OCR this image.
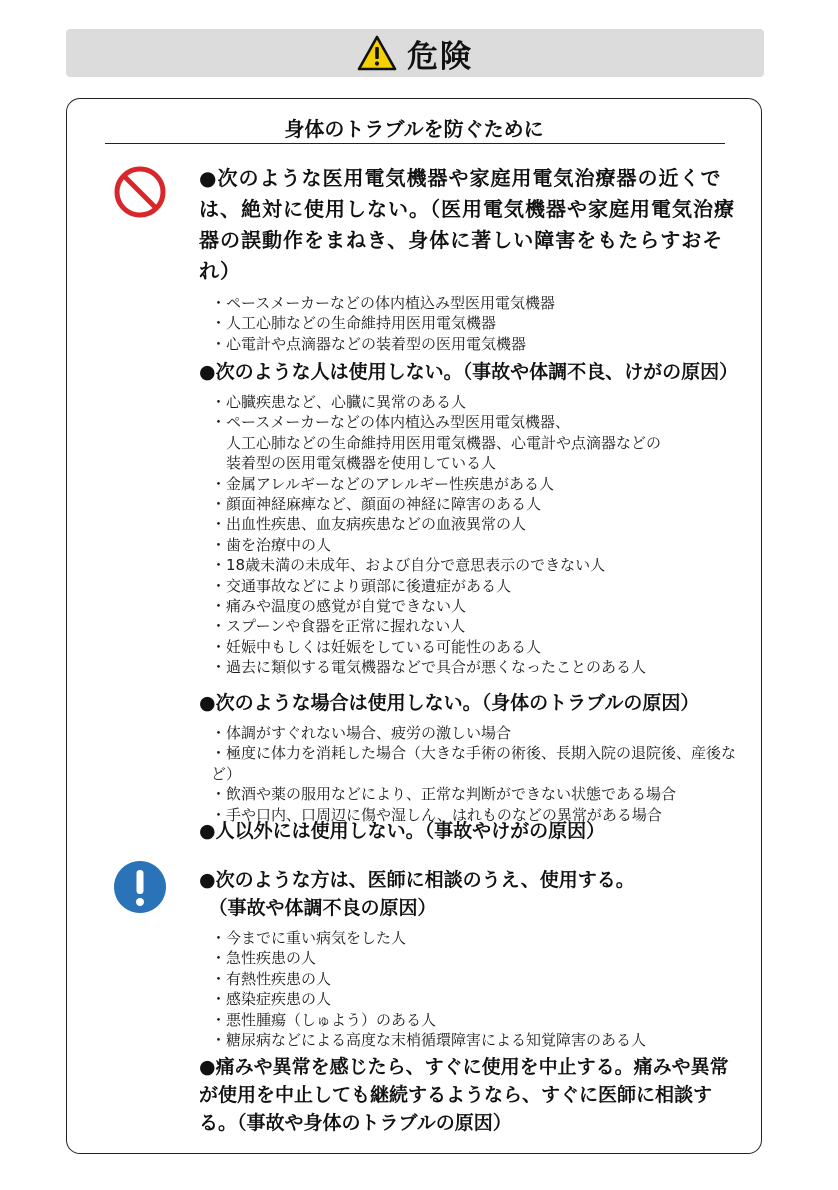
危険
身体のトラブルを防ぐために

●次のような医用電気機器や家庭用電気治療器の近くでは、絶対に使用しない。（医用電気機器や家庭用電気治療器の誤動作をまねき、身体に著しい障害をもたらすおそれ）

・ペースメーカーなどの体内植込み型医用電気機器
・人工心肺などの生命維持用医用電気機器
・心電計や点滴器などの装着型の医用電気機器

●次のような人は使用しない。（事故や体調不良、けがの原因）

・心臓疾患など、心臓に異常のある人
・ペースメーカーなどの体内植込み型医用電気機器、
　人工心肺などの生命維持用医用電気機器、心電計や点滴器などの
　装着型の医用電気機器を使用している人
・金属アレルギーなどのアレルギー性疾患がある人
・顔面神経麻痺など、顔面の神経に障害のある人
・出血性疾患、血友病疾患などの血液異常の人
・歯を治療中の人
・18歳未満の未成年、および自分で意思表示のできない人
・交通事故などにより頭部に後遺症がある人
・痛みや温度の感覚が自覚できない人
・スプーンや食器を正常に握れない人
・妊娠中もしくは妊娠をしている可能性のある人
・過去に類似する電気機器などで具合が悪くなったことのある人

●次のような場合は使用しない。（身体のトラブルの原因）

・体調がすぐれない場合、疲労の激しい場合
・極度に体力を消耗した場合（大きな手術の術後、長期入院の退院後、産後など）
・飲酒や薬の服用などにより、正常な判断ができない状態である場合
・手や口内、口周辺に傷や湿しん、はれものなどの異常がある場合

●人以外には使用しない。（事故やけがの原因）

●次のような方は、医師に相談のうえ、使用する。
　（事故や体調不良の原因）

・今までに重い病気をした人
・急性疾患の人
・有熱性疾患の人
・感染症疾患の人
・悪性腫瘍（しゅよう）のある人
・糖尿病などによる高度な末梢循環障害による知覚障害のある人

●痛みや異常を感じたら、すぐに使用を中止する。痛みや異常が使用を中止しても継続するようなら、すぐに医師に相談する。（事故や身体のトラブルの原因）
